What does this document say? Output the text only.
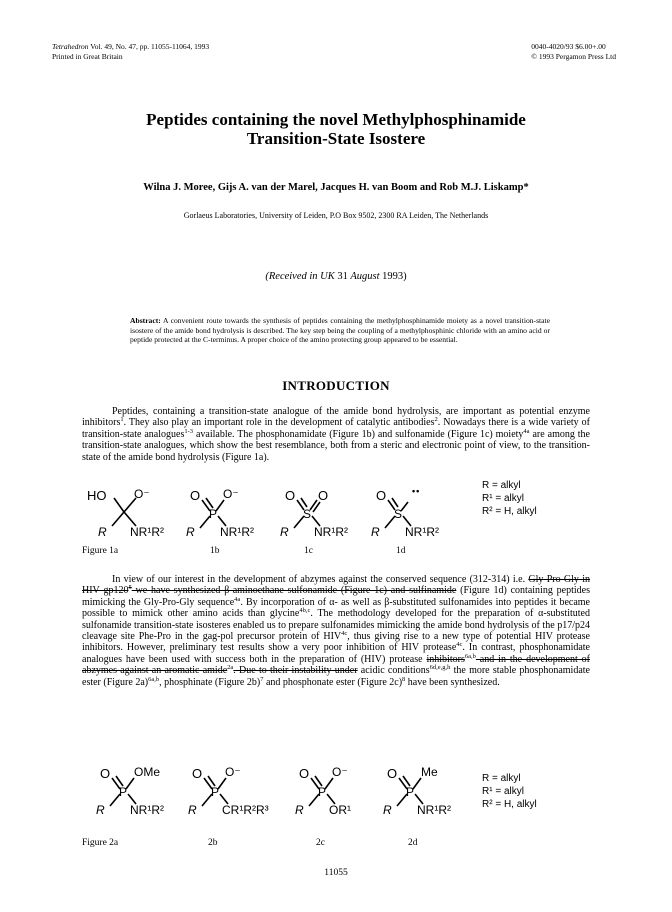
Tetrahedron Vol. 49, No. 47, pp. 11055-11064, 1993
Printed in Great Britain
0040-4020/93 $6.00+.00
© 1993 Pergamon Press Ltd
Peptides containing the novel Methylphosphinamide
Transition-State Isostere
Wilna J. Moree, Gijs A. van der Marel, Jacques H. van Boom and Rob M.J. Liskamp*
Gorlaeus Laboratories, University of Leiden, P.O Box 9502, 2300 RA Leiden, The Netherlands
(Received in UK 31 August 1993)
Abstract: A convenient route towards the synthesis of peptides containing the methylphosphinamide moiety as a novel transition-state isostere of the amide bond hydrolysis is described. The key step being the coupling of a methylphosphinic chloride with an amino acid or peptide protected at the C-terminus. A proper choice of the amino protecting group appeared to be essential.
INTRODUCTION

Peptides, containing a transition-state analogue of the amide bond hydrolysis, are important as potential enzyme inhibitors$^1$. They also play an important role in the development of catalytic antibodies$^2$. Nowadays there is a wide variety of transition-state analogues$^{1-3}$ available. The phosphonamidate (Figure 1b) and sulfonamide (Figure 1c) moiety$^{4a}$ are among the transition-state analogues, which show the best resemblance, both from a steric and electronic point of view, to the transition-state of the amide bond hydrolysis (Figure 1a).

HO O⁻
R NR¹R²
O O⁻
P
R NR¹R²
O O
S
R NR¹R²
O	••
S
R NR¹R²
R = alkyl
R¹ = alkyl
R² = H, alkyl
Figure 1a	1b	1c	1d

In view of our interest in the development of abzymes against the conserved sequence (312-314) i.e. Gly-Pro-Gly in HIV $gp120^5$ we have synthesized β-aminoethane sulfonamide (Figure 1c) and sulfinamide (Figure 1d) containing peptides mimicking the Gly-Pro-Gly sequence$^{4a}$. By incorporation of α- as well as β-substituted sulfonamides into peptides it became possible to mimick other amino acids than glycine$^{4b,c}$. The methodology developed for the preparation of α-substituted sulfonamide transition-state isosteres enabled us to prepare sulfonamides mimicking the amide bond hydrolysis of the p17/p24 cleavage site Phe-Pro in the gag-pol precursor protein of $HIV^{4c}$, thus giving rise to a new type of potential HIV protease inhibitors. However, preliminary test results show a very poor inhibition of HIV protease$^{4c}$. In contrast, phosphonamidate analogues have been used with success both in the preparation of (HIV) protease inhibitors$^{6a,b}$ and in the development of abzymes against an aromatic amide$^{2a}$. Due to their instability under acidic conditions$^{6d,e,g,h}$ the more stable phosphonamidate ester (Figure 2a)$^{6a,b}$, phosphinate (Figure 2b)$^7$ and phosphonate ester (Figure 2c)$^8$ have been synthesized.

O OMe
P
R NR¹R²
O O⁻
P
R CR¹R²R³
O O⁻
P
R OR¹
O Me
P
R NR¹R²
R = alkyl
R¹ = alkyl
R² = H, alkyl
Figure 2a	2b	2c	2d
11055
